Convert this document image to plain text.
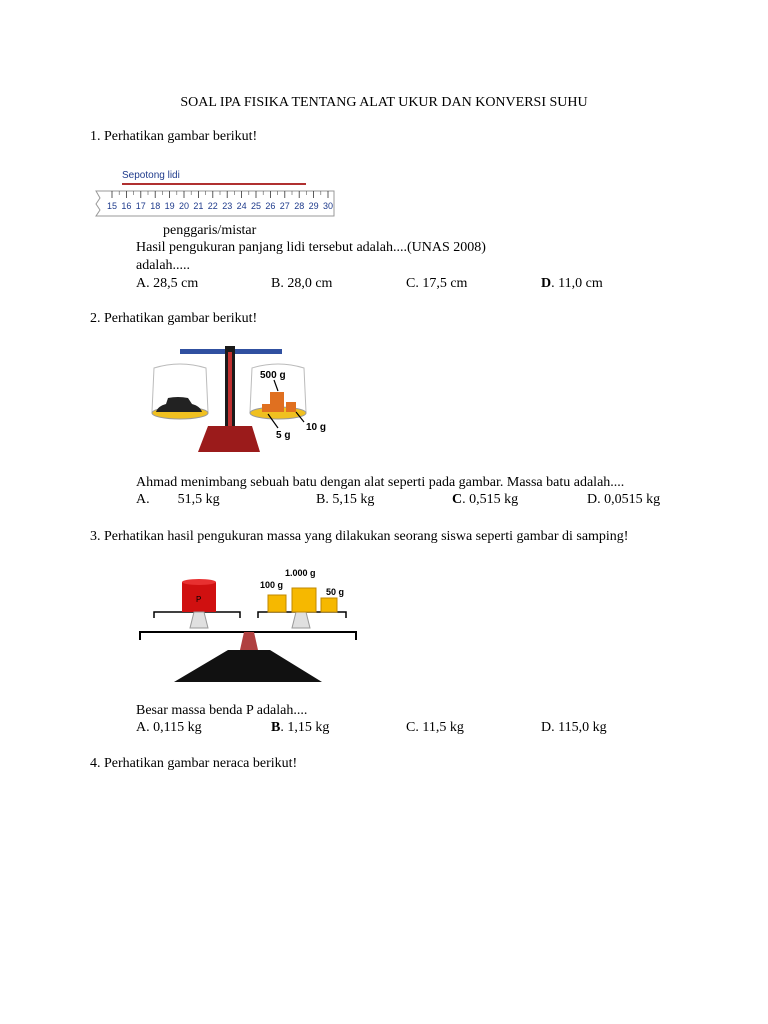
SOAL IPA FISIKA TENTANG ALAT UKUR DAN KONVERSI SUHU
1. Perhatikan gambar berikut!
Sepotong lidi
15 16 17 18 19 20 21 22 23 24 25 26 27 28 29 30
penggaris/mistar
Hasil pengukuran panjang lidi tersebut adalah....(UNAS 2008)
adalah.....
A. 28,5 cm	B. 28,0 cm	C. 17,5 cm	D. 11,0 cm
2. Perhatikan gambar berikut!
500 g
5 g
10 g
Ahmad menimbang sebuah batu dengan alat seperti pada gambar. Massa batu adalah....
A. 51,5 kg	B. 5,15 kg	C. 0,515 kg	D. 0,0515 kg
3. Perhatikan hasil pengukuran massa yang dilakukan seorang siswa seperti gambar di samping!
P
1.000 g
100 g
50 g
Besar massa benda P adalah....
A. 0,115 kg	B. 1,15 kg	C. 11,5 kg	D. 115,0 kg
4. Perhatikan gambar neraca berikut!
